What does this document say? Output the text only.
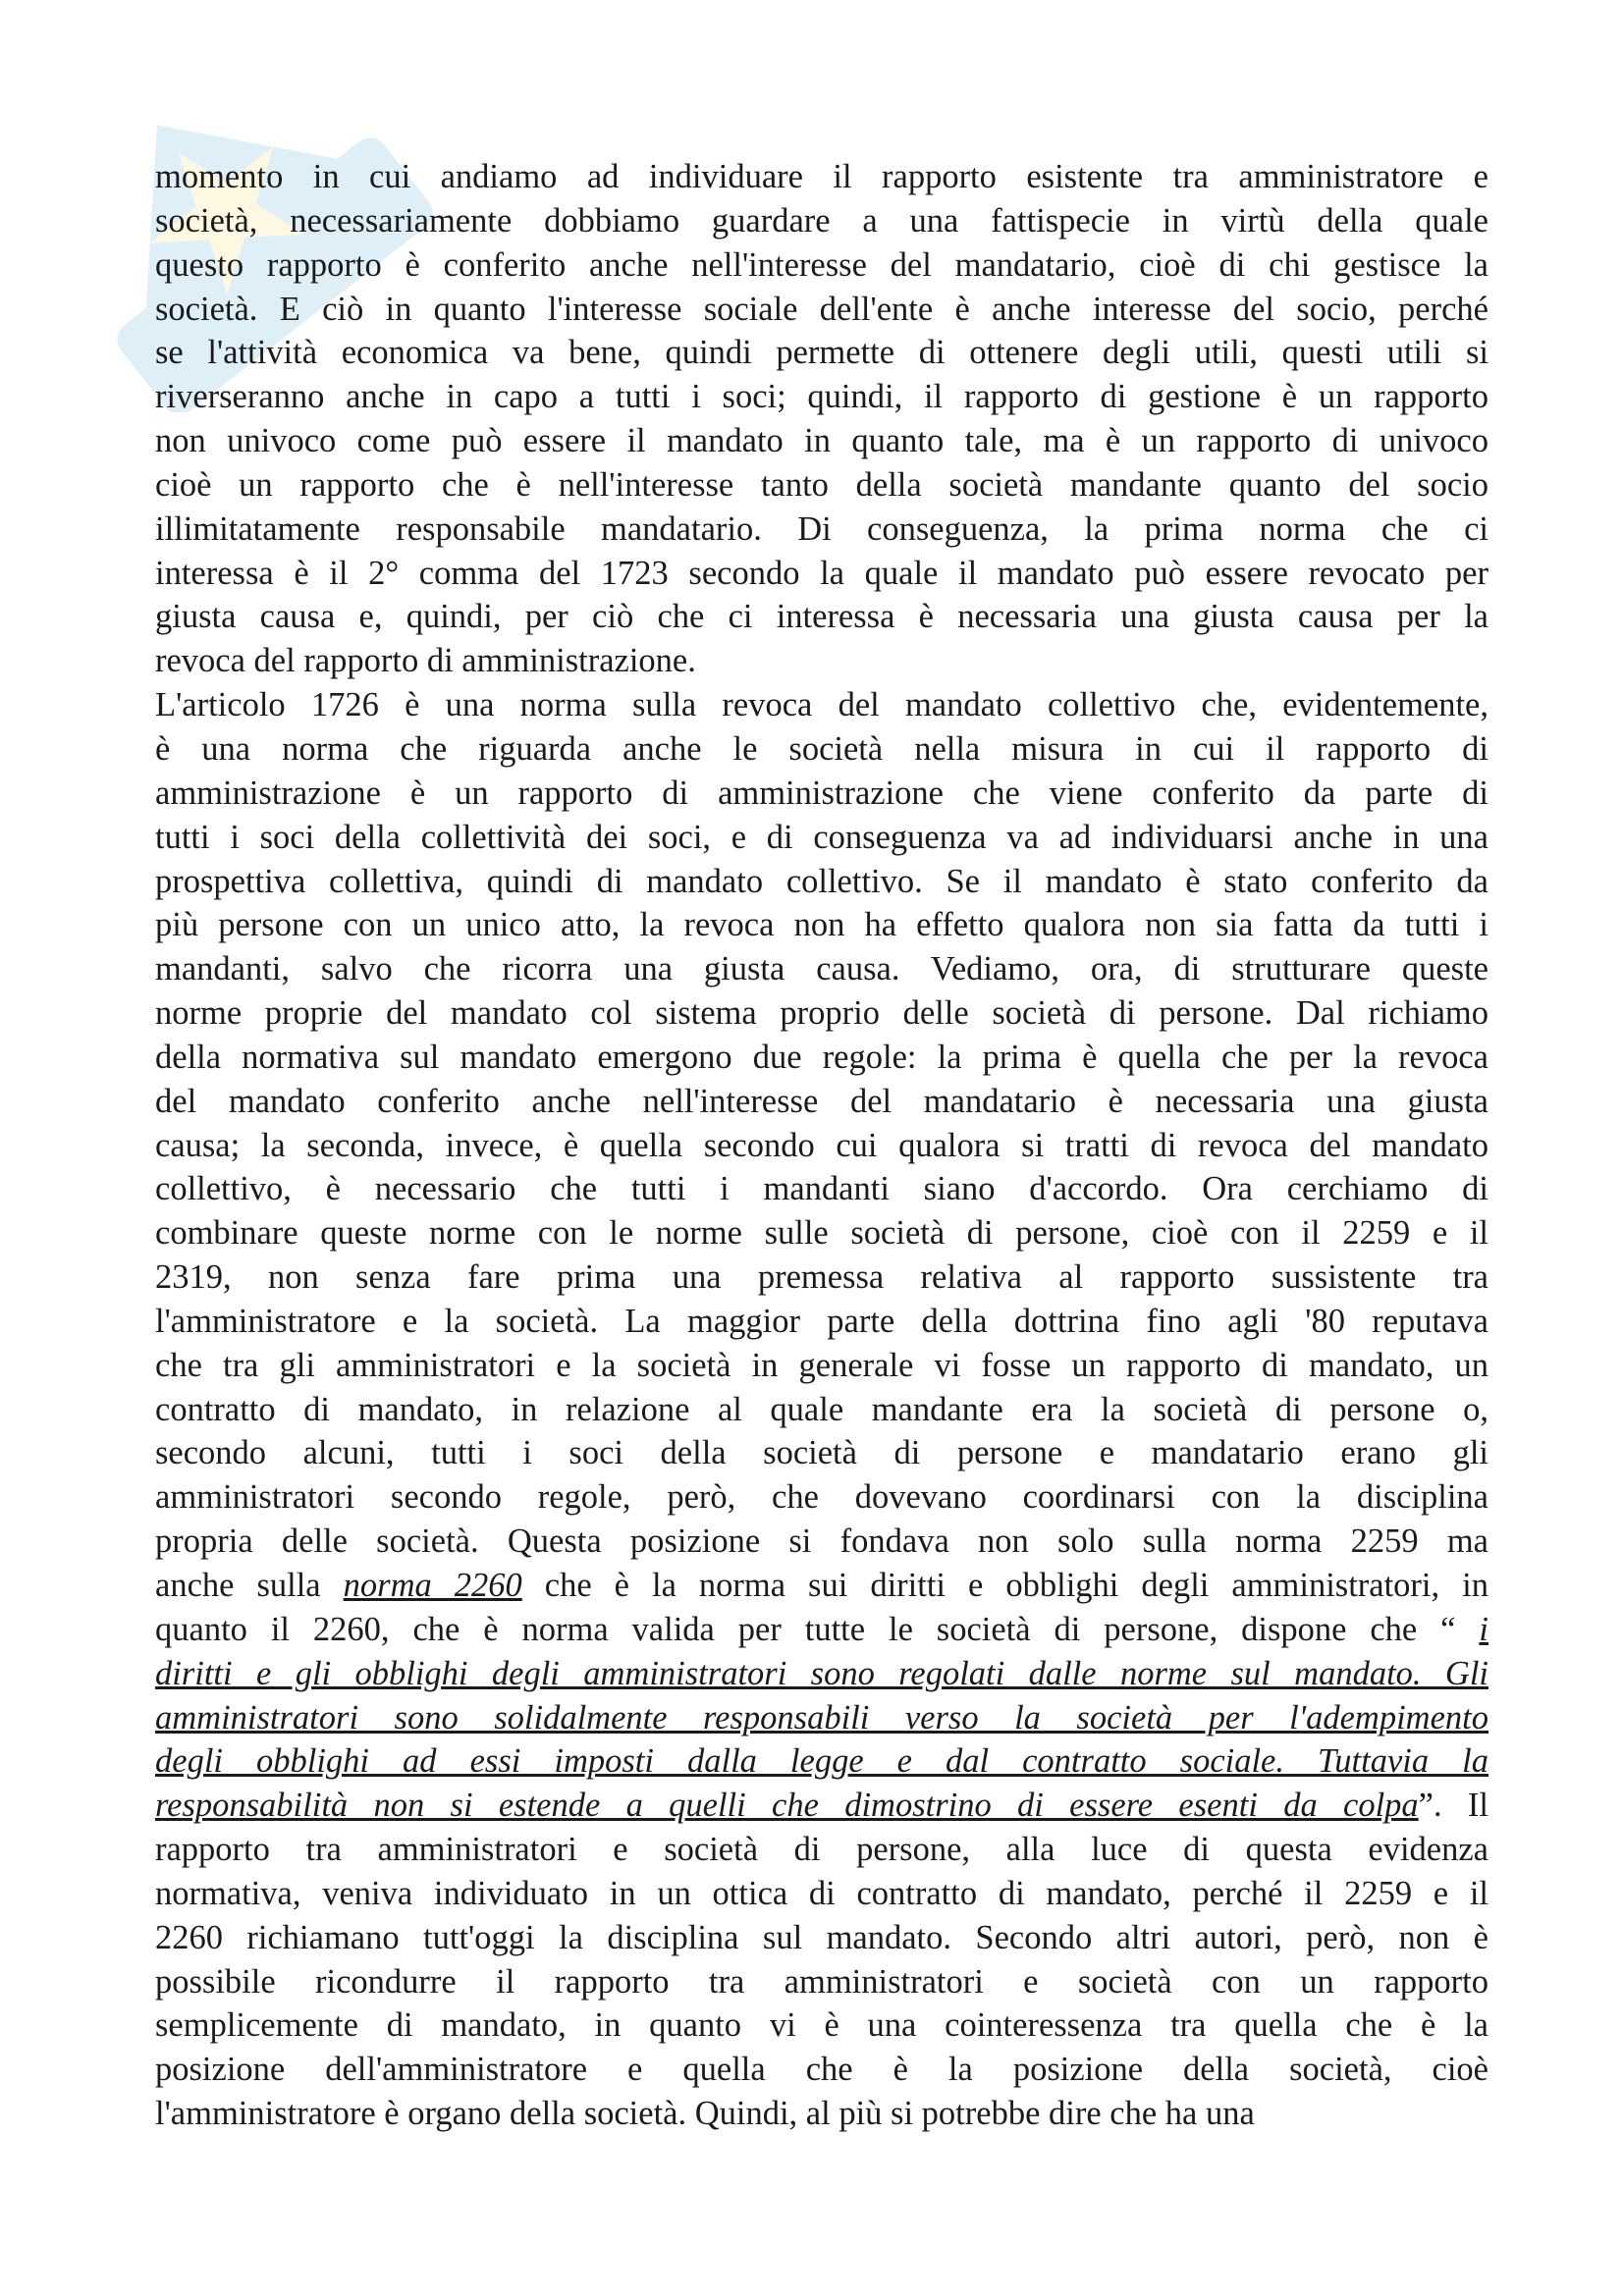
momento in cui andiamo ad individuare il rapporto esistente tra amministratore e
società, necessariamente dobbiamo guardare a una fattispecie in virtù della quale
questo rapporto è conferito anche nell'interesse del mandatario, cioè di chi gestisce la
società. E ciò in quanto l'interesse sociale dell'ente è anche interesse del socio, perché
se l'attività economica va bene, quindi permette di ottenere degli utili, questi utili si
riverseranno anche in capo a tutti i soci; quindi, il rapporto di gestione è un rapporto
non univoco come può essere il mandato in quanto tale, ma è un rapporto di univoco
cioè un rapporto che è nell'interesse tanto della società mandante quanto del socio
illimitatamente responsabile mandatario. Di conseguenza, la prima norma che ci
interessa è il 2° comma del 1723 secondo la quale il mandato può essere revocato per
giusta causa e, quindi, per ciò che ci interessa è necessaria una giusta causa per la
revoca del rapporto di amministrazione.
L'articolo 1726 è una norma sulla revoca del mandato collettivo che, evidentemente,
è una norma che riguarda anche le società nella misura in cui il rapporto di
amministrazione è un rapporto di amministrazione che viene conferito da parte di
tutti i soci della collettività dei soci, e di conseguenza va ad individuarsi anche in una
prospettiva collettiva, quindi di mandato collettivo. Se il mandato è stato conferito da
più persone con un unico atto, la revoca non ha effetto qualora non sia fatta da tutti i
mandanti, salvo che ricorra una giusta causa. Vediamo, ora, di strutturare queste
norme proprie del mandato col sistema proprio delle società di persone. Dal richiamo
della normativa sul mandato emergono due regole: la prima è quella che per la revoca
del mandato conferito anche nell'interesse del mandatario è necessaria una giusta
causa; la seconda, invece, è quella secondo cui qualora si tratti di revoca del mandato
collettivo, è necessario che tutti i mandanti siano d'accordo. Ora cerchiamo di
combinare queste norme con le norme sulle società di persone, cioè con il 2259 e il
2319, non senza fare prima una premessa relativa al rapporto sussistente tra
l'amministratore e la società. La maggior parte della dottrina fino agli '80 reputava
che tra gli amministratori e la società in generale vi fosse un rapporto di mandato, un
contratto di mandato, in relazione al quale mandante era la società di persone o,
secondo alcuni, tutti i soci della società di persone e mandatario erano gli
amministratori secondo regole, però, che dovevano coordinarsi con la disciplina
propria delle società. Questa posizione si fondava non solo sulla norma 2259 ma
anche sulla norma 2260 che è la norma sui diritti e obblighi degli amministratori, in
quanto il 2260, che è norma valida per tutte le società di persone, dispone che “ i
diritti e gli obblighi degli amministratori sono regolati dalle norme sul mandato. Gli
amministratori sono solidalmente responsabili verso la società per l'adempimento
degli obblighi ad essi imposti dalla legge e dal contratto sociale. Tuttavia la
responsabilità non si estende a quelli che dimostrino di essere esenti da colpa”. Il
rapporto tra amministratori e società di persone, alla luce di questa evidenza
normativa, veniva individuato in un ottica di contratto di mandato, perché il 2259 e il
2260 richiamano tutt'oggi la disciplina sul mandato. Secondo altri autori, però, non è
possibile ricondurre il rapporto tra amministratori e società con un rapporto
semplicemente di mandato, in quanto vi è una cointeressenza tra quella che è la
posizione dell'amministratore e quella che è la posizione della società, cioè
l'amministratore è organo della società. Quindi, al più si potrebbe dire che ha una
